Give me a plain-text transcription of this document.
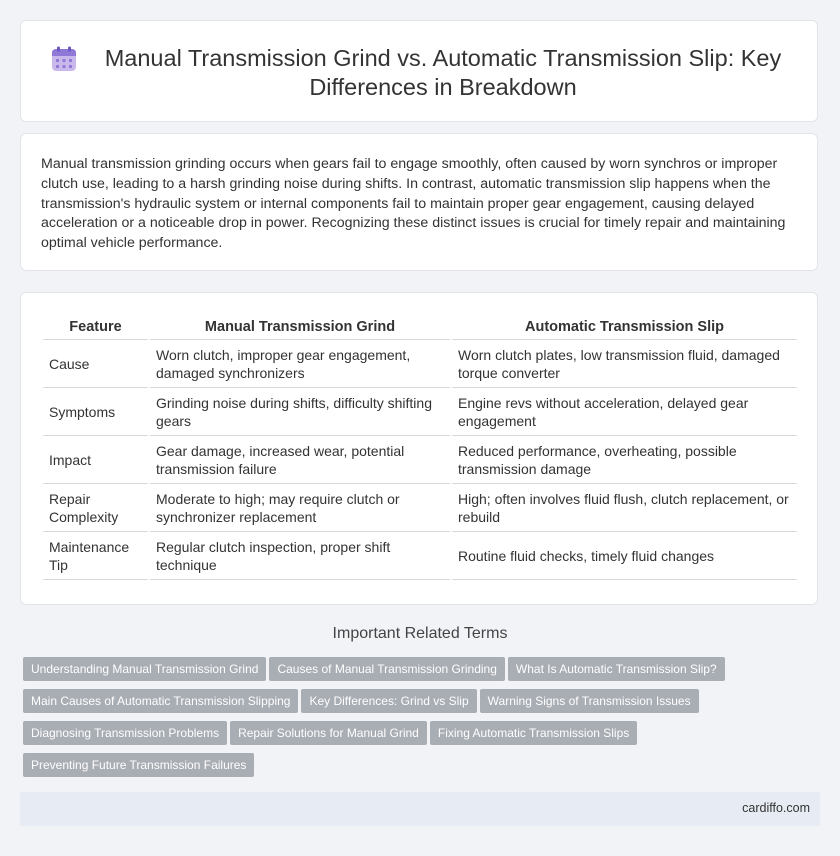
Manual Transmission Grind vs. Automatic Transmission Slip: Key Differences in Breakdown

Manual transmission grinding occurs when gears fail to engage smoothly, often caused by worn synchros or improper clutch use, leading to a harsh grinding noise during shifts. In contrast, automatic transmission slip happens when the transmission's hydraulic system or internal components fail to maintain proper gear engagement, causing delayed acceleration or a noticeable drop in power. Recognizing these distinct issues is crucial for timely repair and maintaining optimal vehicle performance.

Feature	Manual Transmission Grind	Automatic Transmission Slip
Cause	Worn clutch, improper gear engagement, damaged synchronizers	Worn clutch plates, low transmission fluid, damaged torque converter
Symptoms	Grinding noise during shifts, difficulty shifting gears	Engine revs without acceleration, delayed gear engagement
Impact	Gear damage, increased wear, potential transmission failure	Reduced performance, overheating, possible transmission damage
Repair Complexity	Moderate to high; may require clutch or synchronizer replacement	High; often involves fluid flush, clutch replacement, or rebuild
Maintenance Tip	Regular clutch inspection, proper shift technique	Routine fluid checks, timely fluid changes
Important Related Terms
Understanding Manual Transmission Grind Causes of Manual Transmission Grinding What Is Automatic Transmission Slip?
Main Causes of Automatic Transmission Slipping Key Differences: Grind vs Slip Warning Signs of Transmission Issues
Diagnosing Transmission Problems Repair Solutions for Manual Grind Fixing Automatic Transmission Slips
Preventing Future Transmission Failures
cardiffo.com
